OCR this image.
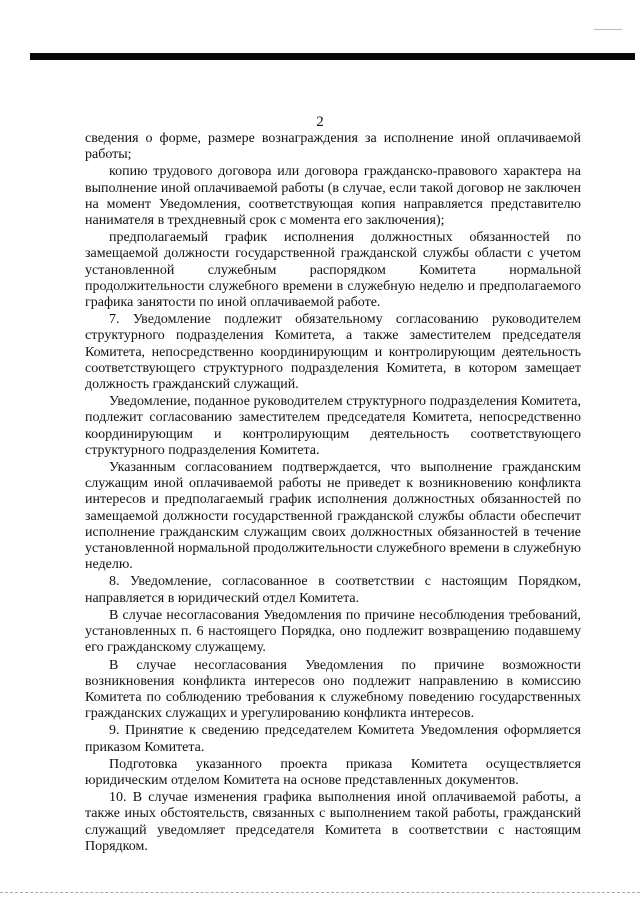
2

сведения о форме, размере вознаграждения за исполнение иной оплачиваемой работы;

копию трудового договора или договора гражданско-правового характера на выполнение иной оплачиваемой работы (в случае, если такой договор не заключен на момент Уведомления, соответствующая копия направляется представителю нанимателя в трехдневный срок с момента его заключения);

предполагаемый график исполнения должностных обязанностей по замещаемой должности государственной гражданской службы области с учетом установленной служебным распорядком Комитета нормальной продолжительности служебного времени в служебную неделю и предполагаемого графика занятости по иной оплачиваемой работе.

7. Уведомление подлежит обязательному согласованию руководителем структурного подразделения Комитета, а также заместителем председателя Комитета, непосредственно координирующим и контролирующим деятельность соответствующего структурного подразделения Комитета, в котором замещает должность гражданский служащий.

Уведомление, поданное руководителем структурного подразделения Комитета, подлежит согласованию заместителем председателя Комитета, непосредственно координирующим и контролирующим деятельность соответствующего структурного подразделения Комитета.

Указанным согласованием подтверждается, что выполнение гражданским служащим иной оплачиваемой работы не приведет к возникновению конфликта интересов и предполагаемый график исполнения должностных обязанностей по замещаемой должности государственной гражданской службы области обеспечит исполнение гражданским служащим своих должностных обязанностей в течение установленной нормальной продолжительности служебного времени в служебную неделю.

8. Уведомление, согласованное в соответствии с настоящим Порядком, направляется в юридический отдел Комитета.

В случае несогласования Уведомления по причине несоблюдения требований, установленных п. 6 настоящего Порядка, оно подлежит возвращению подавшему его гражданскому служащему.

В случае несогласования Уведомления по причине возможности возникновения конфликта интересов оно подлежит направлению в комиссию Комитета по соблюдению требования к служебному поведению государственных гражданских служащих и урегулированию конфликта интересов.

9. Принятие к сведению председателем Комитета Уведомления оформляется приказом Комитета.

Подготовка указанного проекта приказа Комитета осуществляется юридическим отделом Комитета на основе представленных документов.

10. В случае изменения графика выполнения иной оплачиваемой работы, а также иных обстоятельств, связанных с выполнением такой работы, гражданский служащий уведомляет председателя Комитета в соответствии с настоящим Порядком.
